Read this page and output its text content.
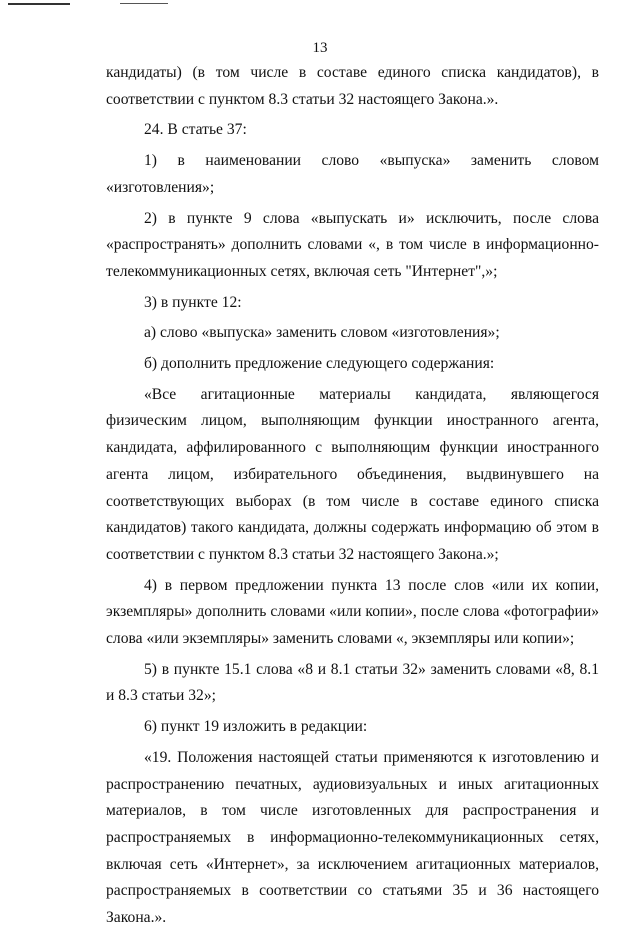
13

кандидаты) (в том числе в составе единого списка кандидатов), в соответствии с пунктом 8.3 статьи 32 настоящего Закона.».

24. В статье 37:

1) в наименовании слово «выпуска» заменить словом «изготовления»;

2) в пункте 9 слова «выпускать и» исключить, после слова «распространять» дополнить словами «, в том числе в информационно-телекоммуникационных сетях, включая сеть "Интернет",»;

3) в пункте 12:

а) слово «выпуска» заменить словом «изготовления»;

б) дополнить предложение следующего содержания:

«Все агитационные материалы кандидата, являющегося физическим лицом, выполняющим функции иностранного агента, кандидата, аффилированного с выполняющим функции иностранного агента лицом, избирательного объединения, выдвинувшего на соответствующих выборах (в том числе в составе единого списка кандидатов) такого кандидата, должны содержать информацию об этом в соответствии с пунктом 8.3 статьи 32 настоящего Закона.»;

4) в первом предложении пункта 13 после слов «или их копии, экземпляры» дополнить словами «или копии», после слова «фотографии» слова «или экземпляры» заменить словами «, экземпляры или копии»;

5) в пункте 15.1 слова «8 и 8.1 статьи 32» заменить словами «8, 8.1 и 8.3 статьи 32»;

6) пункт 19 изложить в редакции:

«19. Положения настоящей статьи применяются к изготовлению и распространению печатных, аудиовизуальных и иных агитационных материалов, в том числе изготовленных для распространения и распространяемых в информационно-телекоммуникационных сетях, включая сеть «Интернет», за исключением агитационных материалов, распространяемых в соответствии со статьями 35 и 36 настоящего Закона.».
